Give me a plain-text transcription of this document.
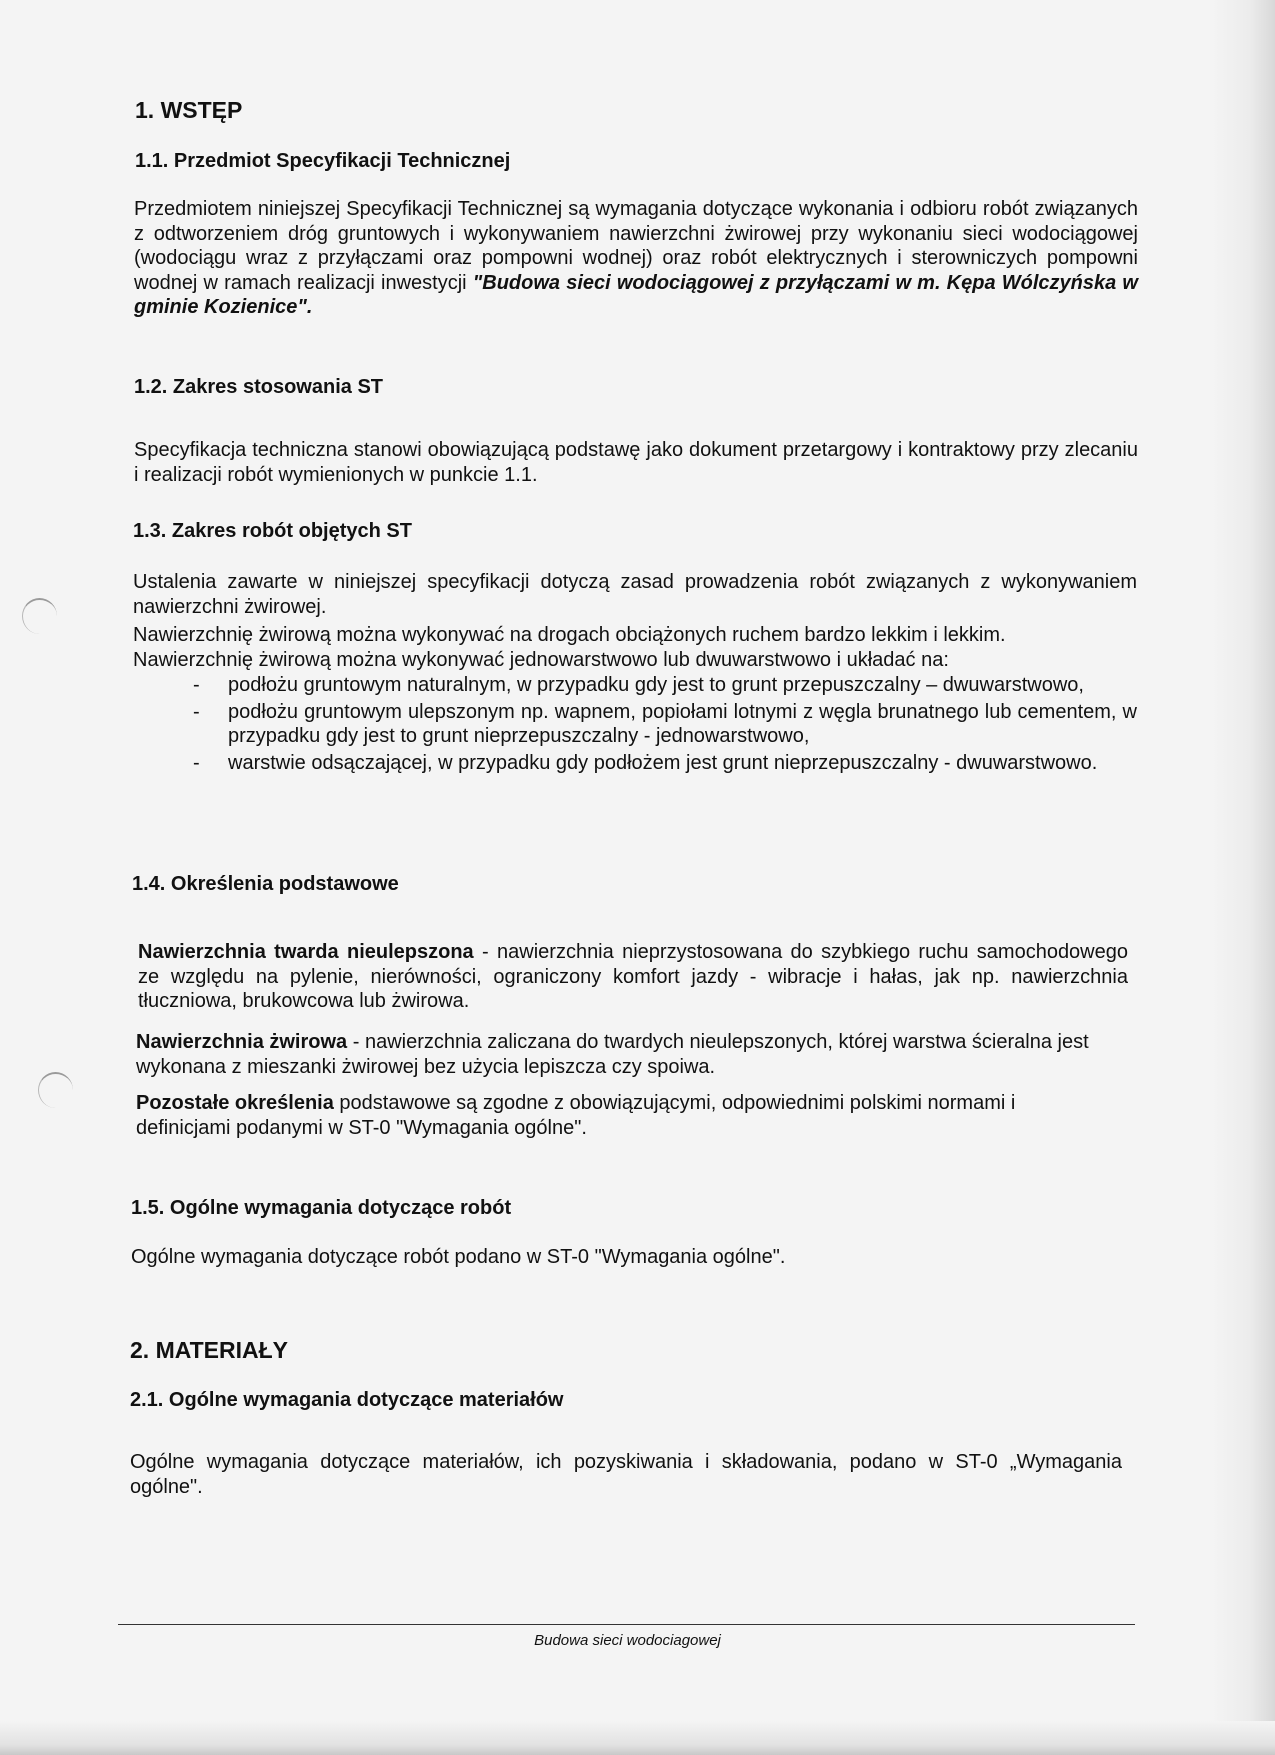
1. WSTĘP
1.1. Przedmiot Specyfikacji Technicznej

Przedmiotem niniejszej Specyfikacji Technicznej są wymagania dotyczące wykonania i odbioru robót związanych z odtworzeniem dróg gruntowych i wykonywaniem nawierzchni żwirowej przy wykonaniu sieci wodociągowej (wodociągu wraz z przyłączami oraz pompowni wodnej) oraz robót elektrycznych i sterowniczych pompowni wodnej w ramach realizacji inwestycji "Budowa sieci wodociągowej z przyłączami w m. Kępa Wólczyńska w gminie Kozienice".

1.2. Zakres stosowania ST

Specyfikacja techniczna stanowi obowiązującą podstawę jako dokument przetargowy i kontraktowy przy zlecaniu i realizacji robót wymienionych w punkcie 1.1.

1.3. Zakres robót objętych ST

Ustalenia zawarte w niniejszej specyfikacji dotyczą zasad prowadzenia robót związanych z wykonywaniem nawierzchni żwirowej.

Nawierzchnię żwirową można wykonywać na drogach obciążonych ruchem bardzo lekkim i lekkim.

Nawierzchnię żwirową można wykonywać jednowarstwowo lub dwuwarstwowo i układać na:

- podłożu gruntowym naturalnym, w przypadku gdy jest to grunt przepuszczalny – dwuwarstwowo,
- podłożu gruntowym ulepszonym np. wapnem, popiołami lotnymi z węgla brunatnego lub cementem, w przypadku gdy jest to grunt nieprzepuszczalny - jednowarstwowo,
- warstwie odsączającej, w przypadku gdy podłożem jest grunt nieprzepuszczalny - dwuwarstwowo.
1.4. Określenia podstawowe

Nawierzchnia twarda nieulepszona - nawierzchnia nieprzystosowana do szybkiego ruchu samochodowego ze względu na pylenie, nierówności, ograniczony komfort jazdy - wibracje i hałas, jak np. nawierzchnia tłuczniowa, brukowcowa lub żwirowa.

Nawierzchnia żwirowa - nawierzchnia zaliczana do twardych nieulepszonych, której warstwa ścieralna jest wykonana z mieszanki żwirowej bez użycia lepiszcza czy spoiwa.

Pozostałe określenia podstawowe są zgodne z obowiązującymi, odpowiednimi polskimi normami i definicjami podanymi w ST-0 "Wymagania ogólne".

1.5. Ogólne wymagania dotyczące robót

Ogólne wymagania dotyczące robót podano w ST-0 "Wymagania ogólne".

2. MATERIAŁY
2.1. Ogólne wymagania dotyczące materiałów

Ogólne wymagania dotyczące materiałów, ich pozyskiwania i składowania, podano w ST-0 „Wymagania ogólne".

Budowa sieci wodociagowej
